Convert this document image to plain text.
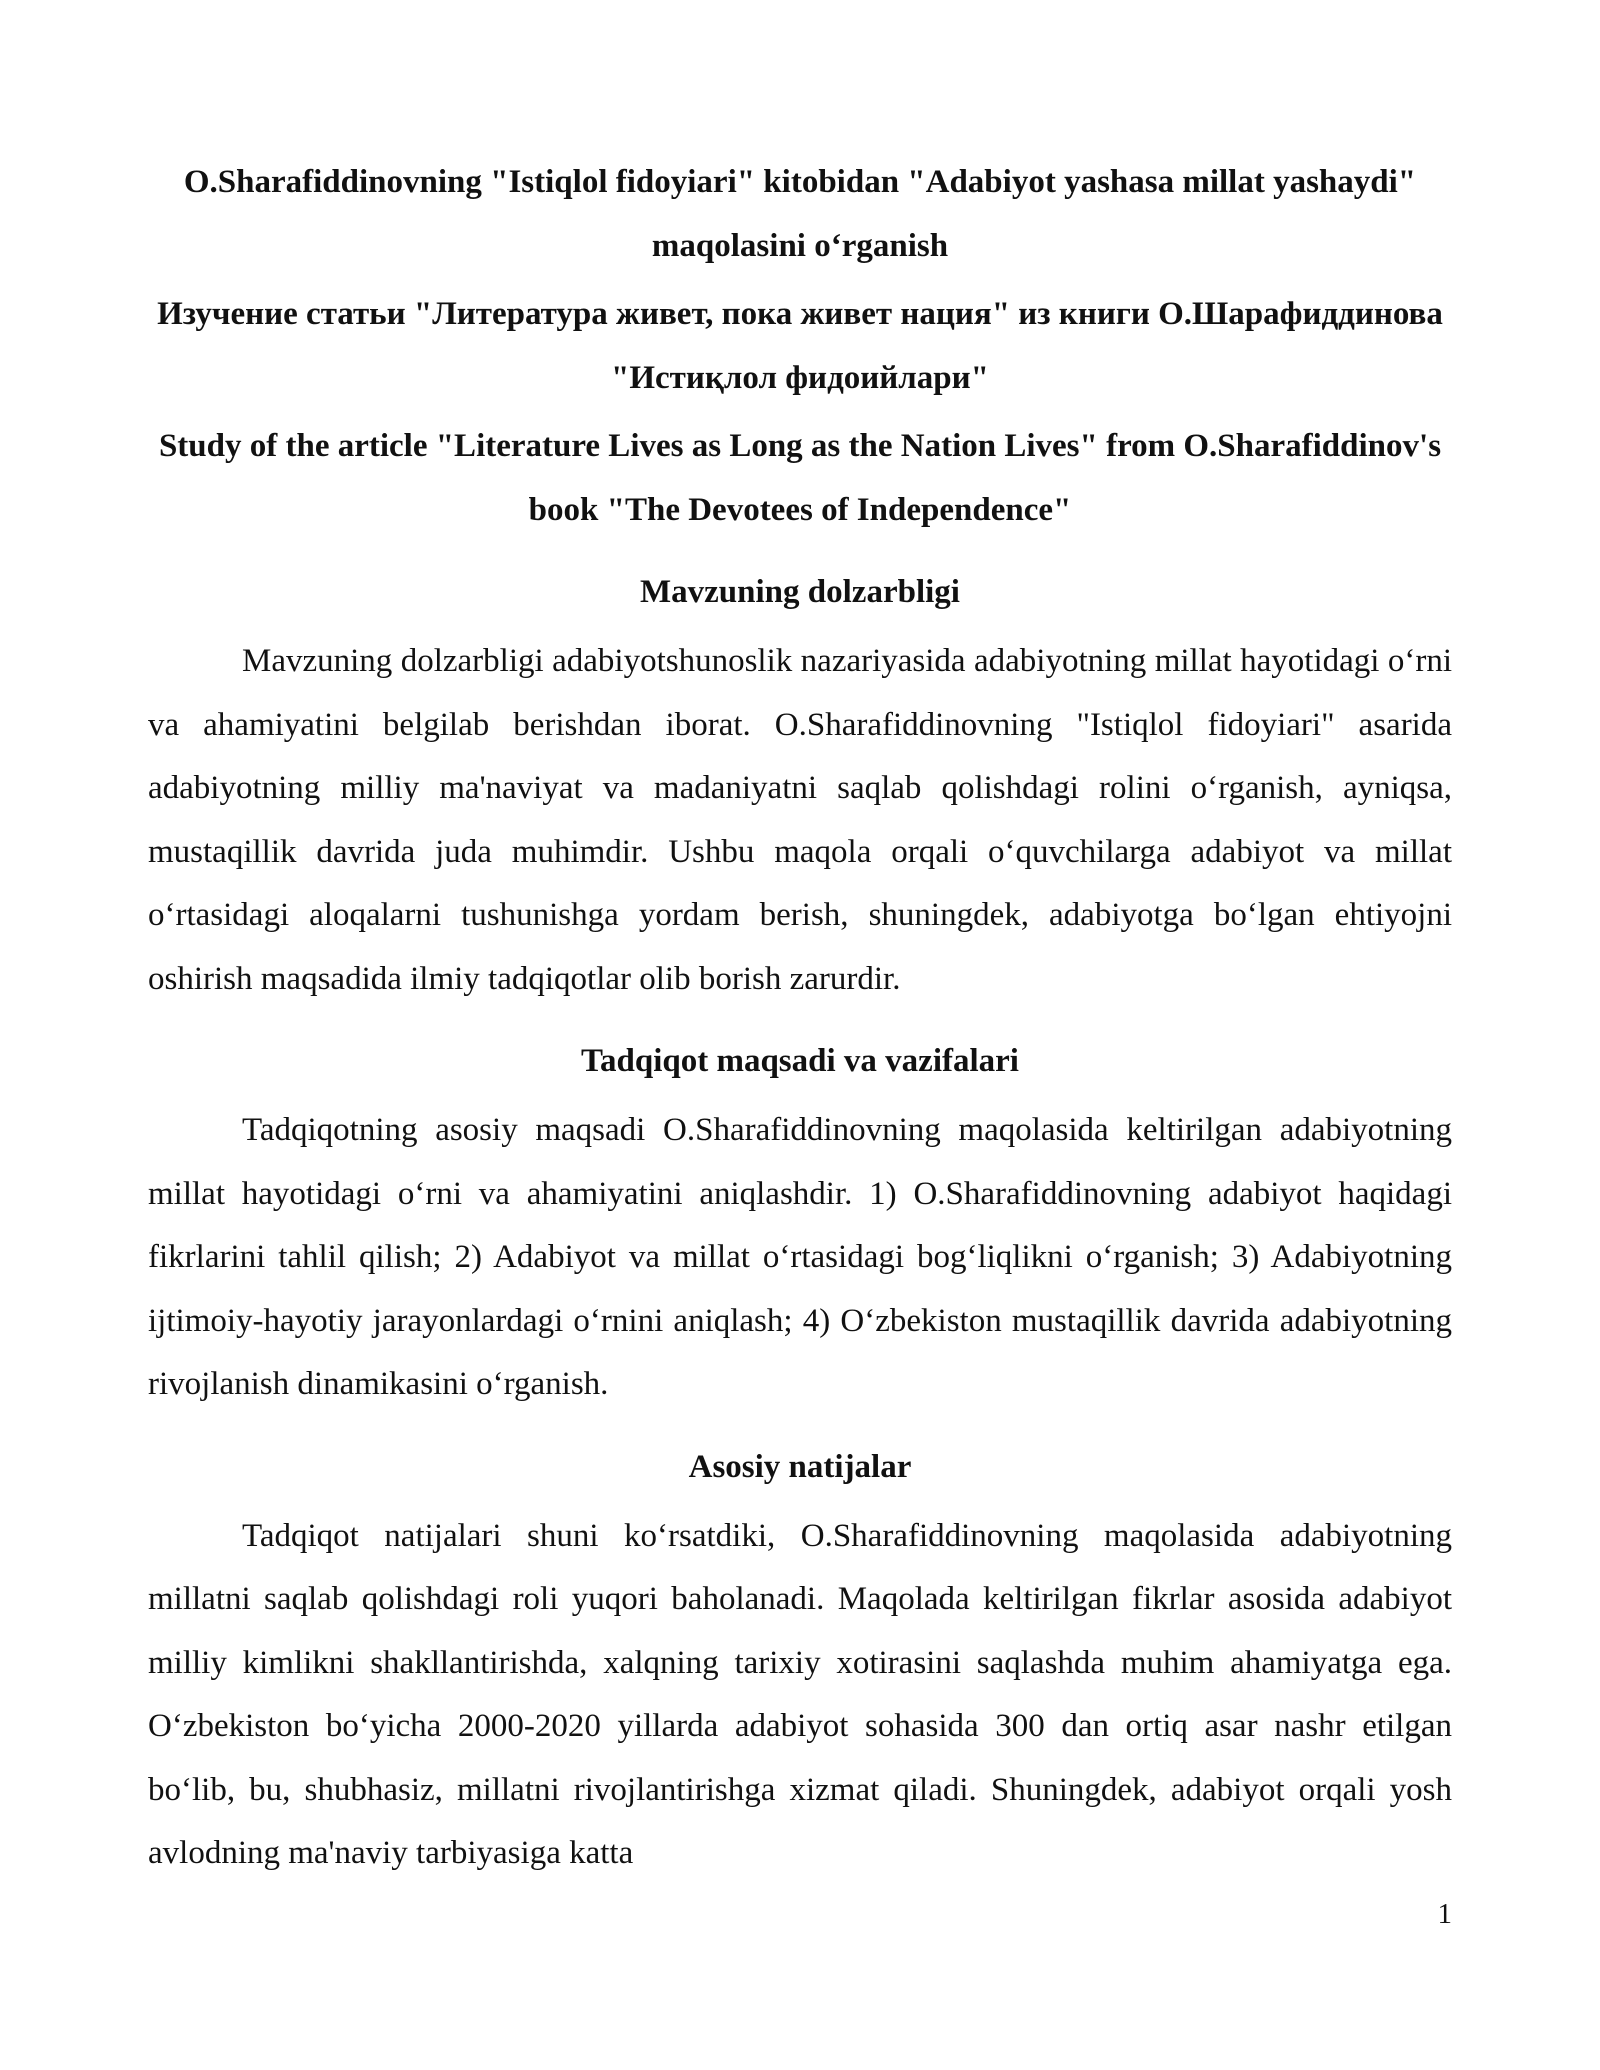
O.Sharafiddinovning "Istiqlol fidoyiari" kitobidan "Adabiyot yashasa millat yashaydi" maqolasini o‘rganish

Изучение статьи "Литература живет, пока живет нация" из книги О.Шарафиддинова "Истиқлол фидоийлари"

Study of the article "Literature Lives as Long as the Nation Lives" from O.Sharafiddinov's book "The Devotees of Independence"

Mavzuning dolzarbligi

Mavzuning dolzarbligi adabiyotshunoslik nazariyasida adabiyotning millat hayotidagi o‘rni va ahamiyatini belgilab berishdan iborat. O.Sharafiddinovning "Istiqlol fidoyiari" asarida adabiyotning milliy ma'naviyat va madaniyatni saqlab qolishdagi rolini o‘rganish, ayniqsa, mustaqillik davrida juda muhimdir. Ushbu maqola orqali o‘quvchilarga adabiyot va millat o‘rtasidagi aloqalarni tushunishga yordam berish, shuningdek, adabiyotga bo‘lgan ehtiyojni oshirish maqsadida ilmiy tadqiqotlar olib borish zarurdir.

Tadqiqot maqsadi va vazifalari

Tadqiqotning asosiy maqsadi O.Sharafiddinovning maqolasida keltirilgan adabiyotning millat hayotidagi o‘rni va ahamiyatini aniqlashdir. 1) O.Sharafiddinovning adabiyot haqidagi fikrlarini tahlil qilish; 2) Adabiyot va millat o‘rtasidagi bog‘liqlikni o‘rganish; 3) Adabiyotning ijtimoiy-hayotiy jarayonlardagi o‘rnini aniqlash; 4) O‘zbekiston mustaqillik davrida adabiyotning rivojlanish dinamikasini o‘rganish.

Asosiy natijalar

Tadqiqot natijalari shuni ko‘rsatdiki, O.Sharafiddinovning maqolasida adabiyotning millatni saqlab qolishdagi roli yuqori baholanadi. Maqolada keltirilgan fikrlar asosida adabiyot milliy kimlikni shakllantirishda, xalqning tarixiy xotirasini saqlashda muhim ahamiyatga ega. O‘zbekiston bo‘yicha 2000-2020 yillarda adabiyot sohasida 300 dan ortiq asar nashr etilgan bo‘lib, bu, shubhasiz, millatni rivojlantirishga xizmat qiladi. Shuningdek, adabiyot orqali yosh avlodning ma'naviy tarbiyasiga katta

1
